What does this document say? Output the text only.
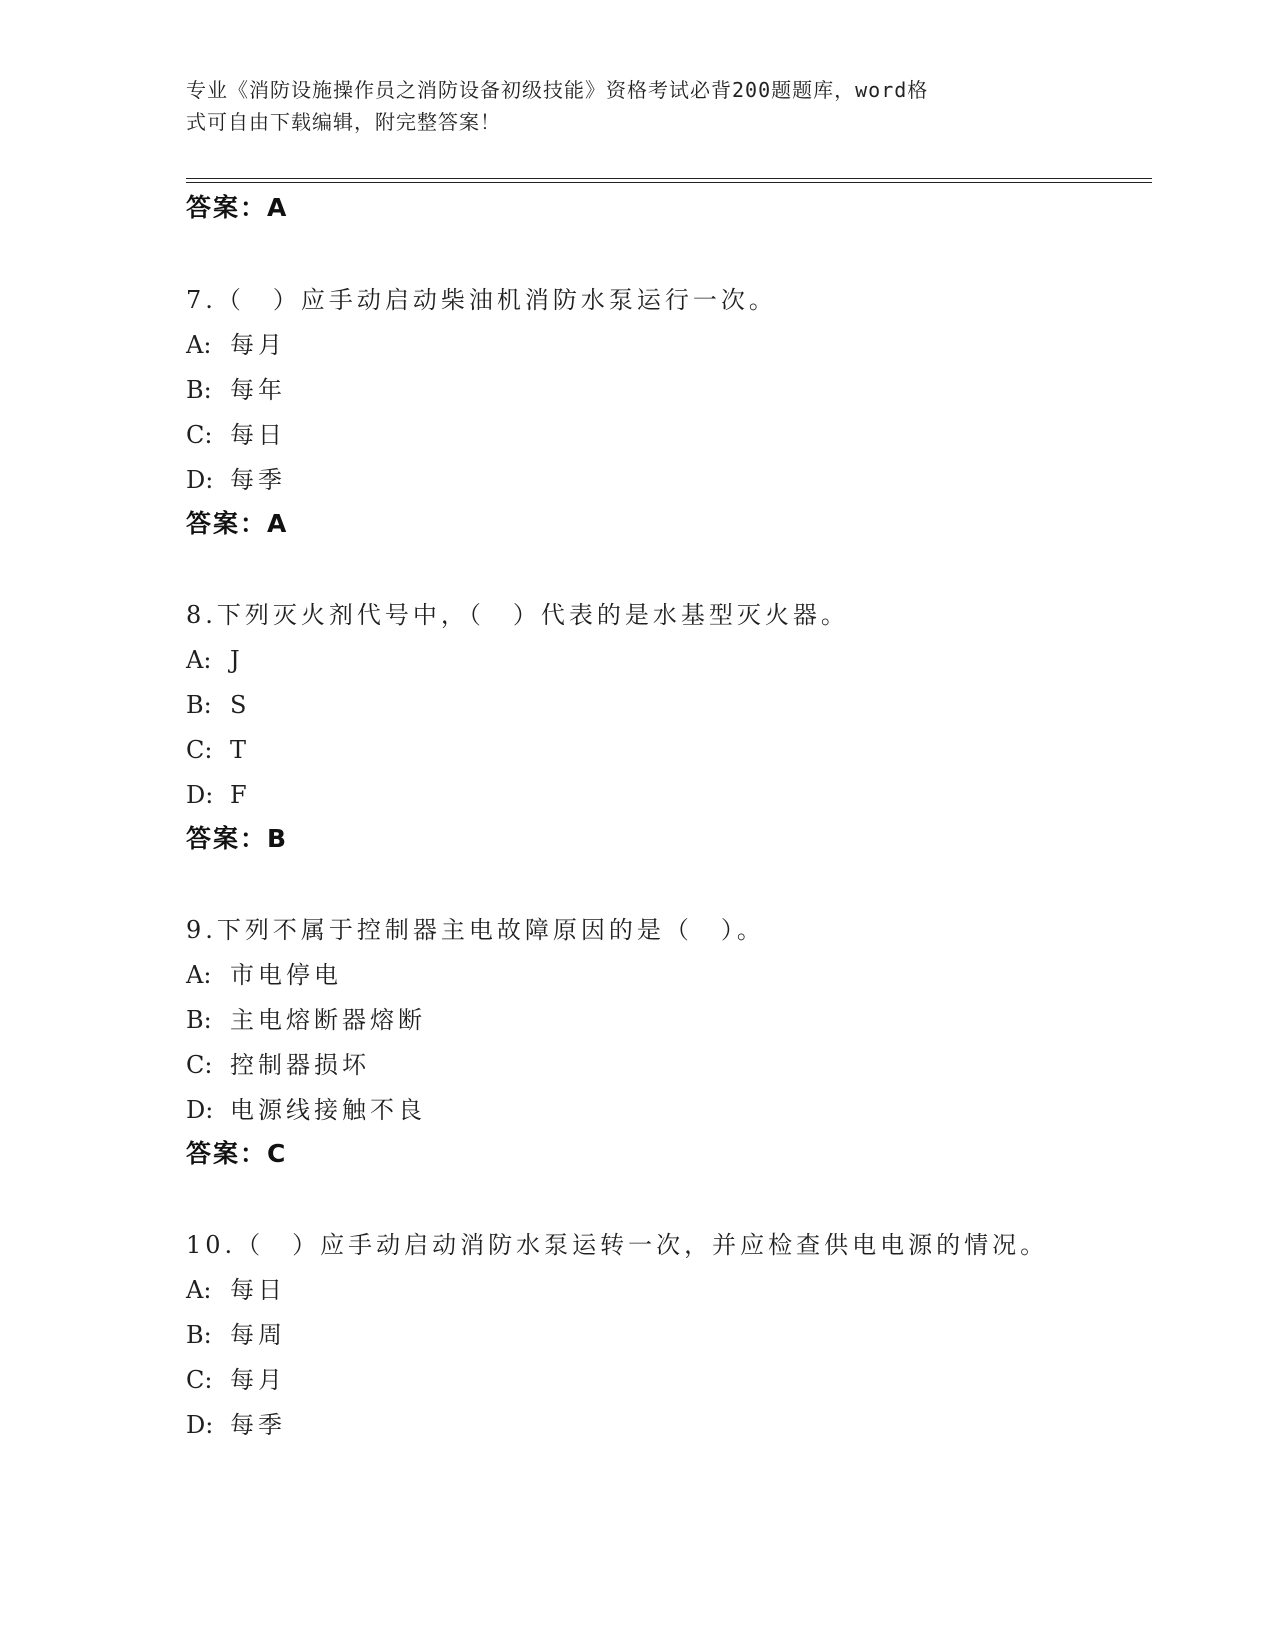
专业《消防设施操作员之消防设备初级技能》资格考试必背200题题库，word格
式可自由下载编辑，附完整答案！
答案：A
7.（　）应手动启动柴油机消防水泵运行一次。
A: 每月
B: 每年
C: 每日
D: 每季
答案：A
8.下列灭火剂代号中，（　）代表的是水基型灭火器。
A: J
B: S
C: T
D: F
答案：B
9.下列不属于控制器主电故障原因的是（　）。
A: 市电停电
B: 主电熔断器熔断
C: 控制器损坏
D: 电源线接触不良
答案：C
10.（　）应手动启动消防水泵运转一次，并应检查供电电源的情况。
A: 每日
B: 每周
C: 每月
D: 每季
